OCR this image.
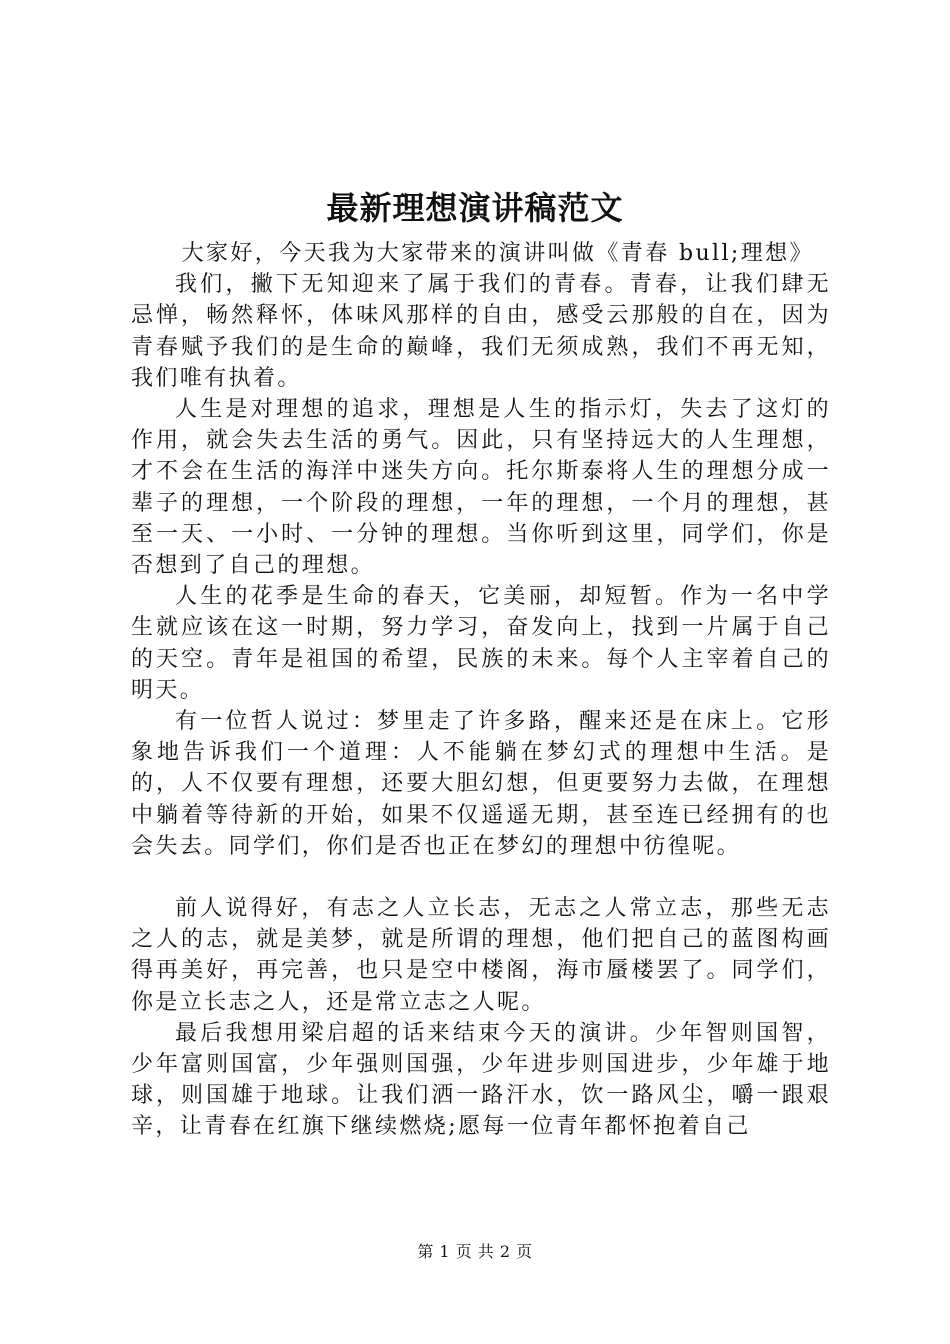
最新理想演讲稿范文

大家好，今天我为大家带来的演讲叫做《青春 bull;理想》

我们，撇下无知迎来了属于我们的青春。青春，让我们肆无忌惮，畅然释怀，体味风那样的自由，感受云那般的自在，因为青春赋予我们的是生命的巅峰，我们无须成熟，我们不再无知，我们唯有执着。

人生是对理想的追求，理想是人生的指示灯，失去了这灯的作用，就会失去生活的勇气。因此，只有坚持远大的人生理想，才不会在生活的海洋中迷失方向。托尔斯泰将人生的理想分成一辈子的理想，一个阶段的理想，一年的理想，一个月的理想，甚至一天、一小时、一分钟的理想。当你听到这里，同学们，你是否想到了自己的理想。

人生的花季是生命的春天，它美丽，却短暂。作为一名中学生就应该在这一时期，努力学习，奋发向上，找到一片属于自己的天空。青年是祖国的希望，民族的未来。每个人主宰着自己的明天。

有一位哲人说过：梦里走了许多路，醒来还是在床上。它形象地告诉我们一个道理：人不能躺在梦幻式的理想中生活。是的，人不仅要有理想，还要大胆幻想，但更要努力去做，在理想中躺着等待新的开始，如果不仅遥遥无期，甚至连已经拥有的也会失去。同学们，你们是否也正在梦幻的理想中彷徨呢。

前人说得好，有志之人立长志，无志之人常立志，那些无志之人的志，就是美梦，就是所谓的理想，他们把自己的蓝图构画得再美好，再完善，也只是空中楼阁，海市蜃楼罢了。同学们，你是立长志之人，还是常立志之人呢。

最后我想用梁启超的话来结束今天的演讲。少年智则国智，少年富则国富，少年强则国强，少年进步则国进步，少年雄于地球，则国雄于地球。让我们洒一路汗水，饮一路风尘，嚼一跟艰辛，让青春在红旗下继续燃烧;愿每一位青年都怀抱着自己

第 1 页 共 2 页
